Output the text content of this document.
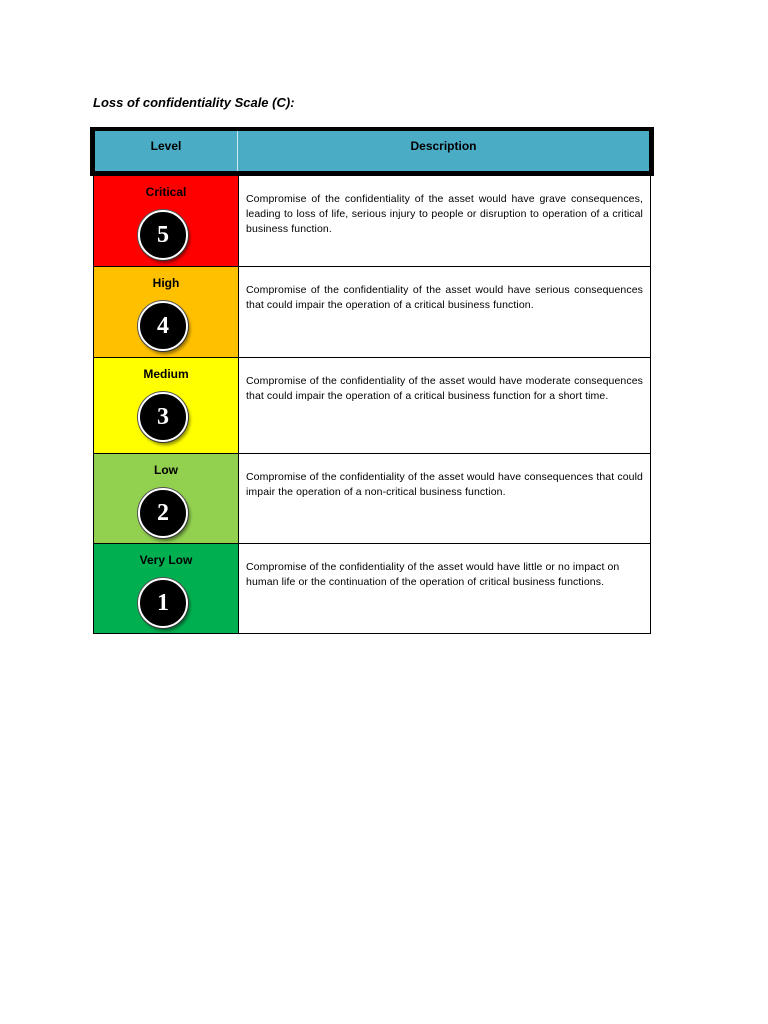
Loss of confidentiality Scale (C):
Level	Description
Critical
5
Compromise of the confidentiality of the asset would have grave consequences, leading to loss of life, serious injury to people or disruption to operation of a critical business function.
High
4
Compromise of the confidentiality of the asset would have serious consequences that could impair the operation of a critical business function.
Medium
3
Compromise of the confidentiality of the asset would have moderate consequences that could impair the operation of a critical business function for a short time.
Low
2
Compromise of the confidentiality of the asset would have consequences that could impair the operation of a non-critical business function.
Very Low
1
Compromise of the confidentiality of the asset would have little or no impact on human life or the continuation of the operation of critical business functions.
